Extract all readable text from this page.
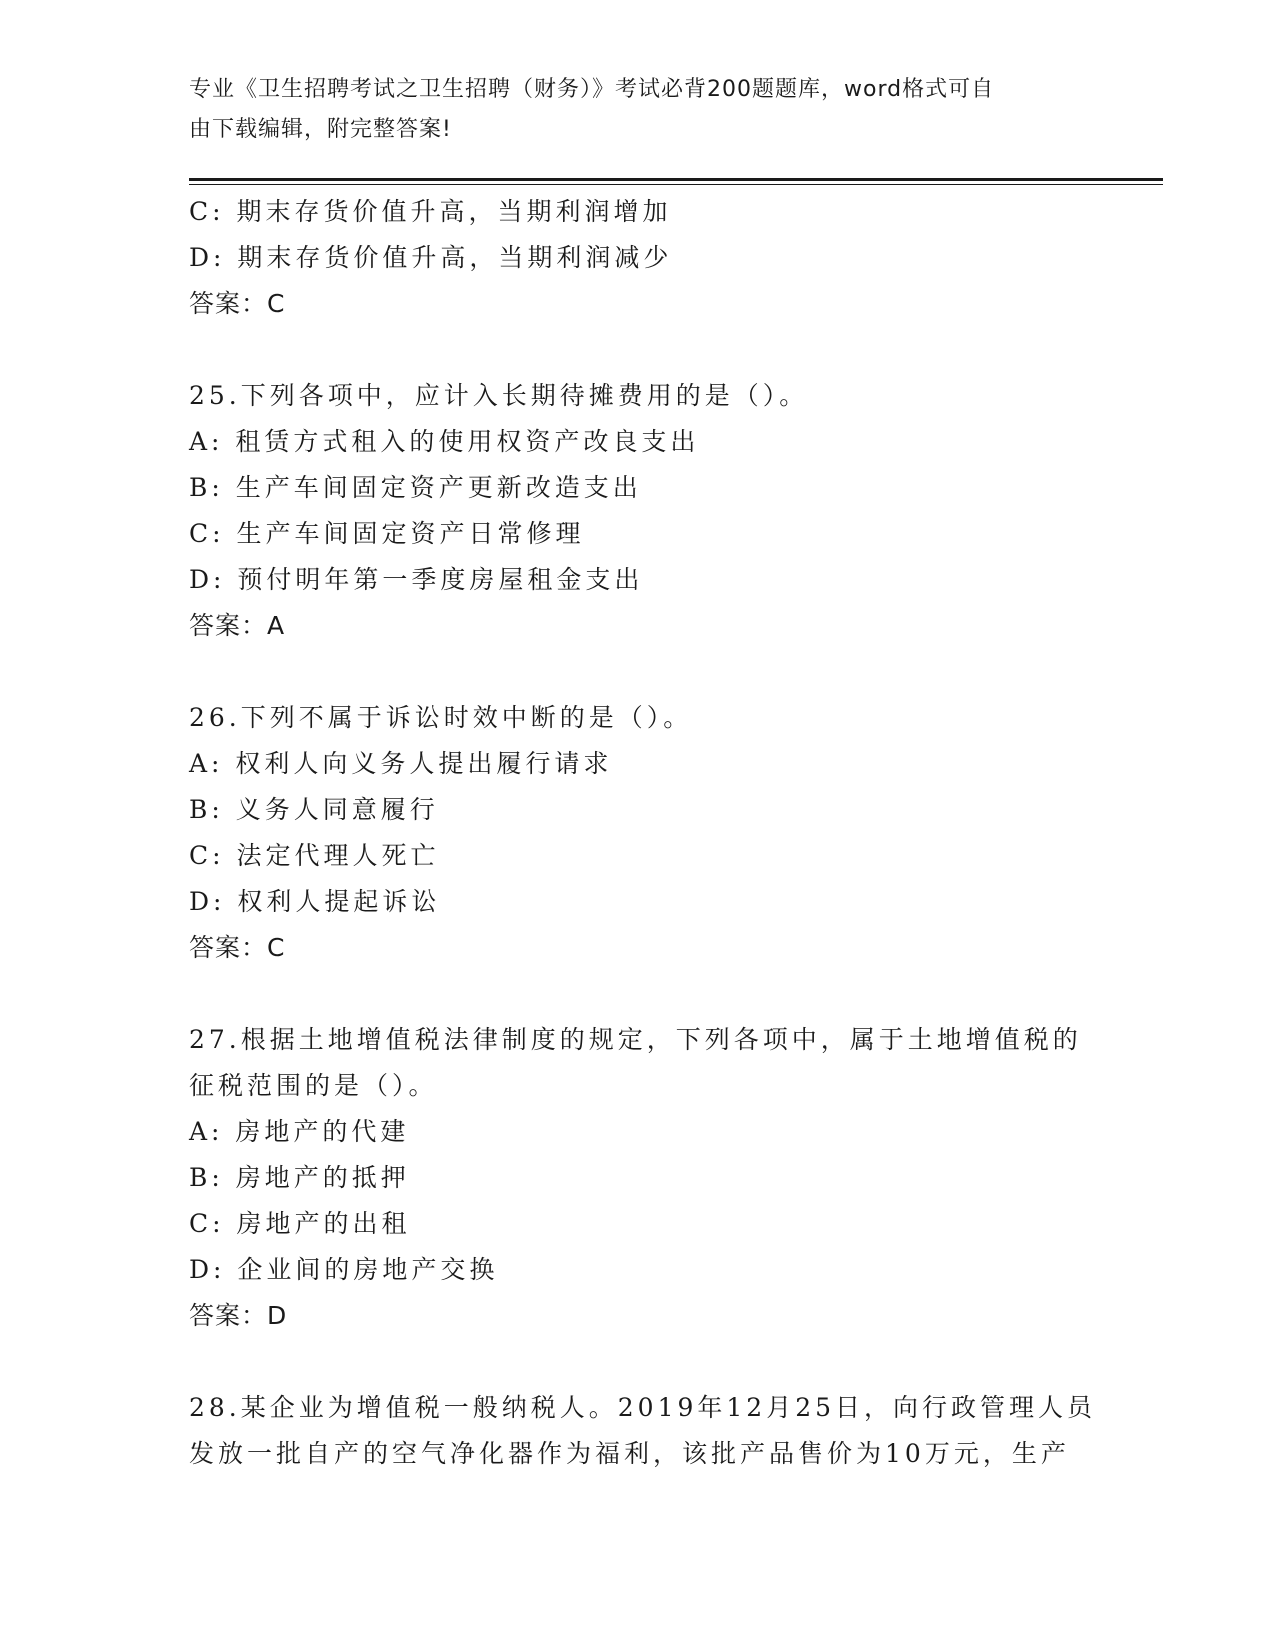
专业《卫生招聘考试之卫生招聘（财务）》考试必背200题题库，word格式可自
由下载编辑，附完整答案!
C: 期末存货价值升高，当期利润增加
D: 期末存货价值升高，当期利润减少
答案：C
25.下列各项中，应计入长期待摊费用的是（）。
A: 租赁方式租入的使用权资产改良支出
B: 生产车间固定资产更新改造支出
C: 生产车间固定资产日常修理
D: 预付明年第一季度房屋租金支出
答案：A
26.下列不属于诉讼时效中断的是（）。
A: 权利人向义务人提出履行请求
B: 义务人同意履行
C: 法定代理人死亡
D: 权利人提起诉讼
答案：C
27.根据土地增值税法律制度的规定，下列各项中，属于土地增值税的
征税范围的是（）。
A: 房地产的代建
B: 房地产的抵押
C: 房地产的出租
D: 企业间的房地产交换
答案：D
28.某企业为增值税一般纳税人。2019年12月25日，向行政管理人员
发放一批自产的空气净化器作为福利，该批产品售价为10万元，生产
